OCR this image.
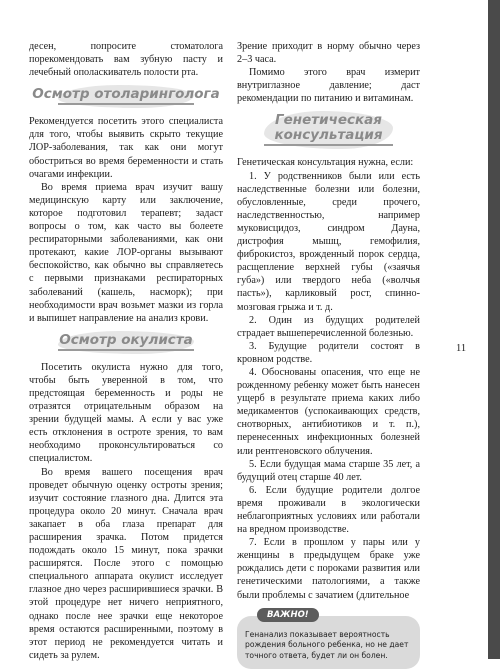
11

десен, попросите стоматолога порекомендовать вам зубную пасту и лечебный ополаскиватель полости рта.

Осмотр отоларинголога

Рекомендуется посетить этого специалиста для того, чтобы выявить скрыто текущие ЛОР-заболевания, так как они могут обостриться во время беременности и стать очагами инфекции.

Во время приема врач изучит вашу медицинскую карту или заключение, которое подготовил терапевт; задаст вопросы о том, как часто вы болеете респираторными заболеваниями, как они протекают, какие ЛОР-органы вызывают беспокойство, как обычно вы справляетесь с первыми признаками респираторных заболеваний (кашель, насморк); при необходимости врач возьмет мазки из горла и выпишет направление на анализ крови.

Осмотр окулиста

Посетить окулиста нужно для того, чтобы быть уверенной в том, что предстоящая беременность и роды не отразятся отрицательным образом на зрении будущей мамы. А если у вас уже есть отклонения в остроте зрения, то вам необходимо проконсультироваться со специалистом.

Во время вашего посещения врач проведет обычную оценку остроты зрения; изучит состояние глазного дна. Длится эта процедура около 20 минут. Сначала врач закапает в оба глаза препарат для расширения зрачка. Потом придется подождать около 15 минут, пока зрачки расширятся. После этого с помощью специального аппарата окулист исследует глазное дно через расширившиеся зрачки. В этой процедуре нет ничего неприятного, однако после нее зрачки еще некоторое время остаются расширенными, поэтому в этот период не рекомендуется читать и сидеть за рулем.

Зрение приходит в норму обычно через 2–3 часа.

Помимо этого врач измерит внутриглазное давление; даст рекомендации по питанию и витаминам.

Генетическая консультация

Генетическая консультация нужна, если:

1. У родственников были или есть наследственные болезни или болезни, обусловленные, среди прочего, наследственностью, например муковисцидоз, синдром Дауна, дистрофия мышц, гемофилия, фиброкистоз, врожденный порок сердца, расщепление верхней губы («заячья губа») или твердого неба («волчья пасть»), карликовый рост, спинно-мозговая грыжа и т. д.

2. Один из будущих родителей страдает вышеперечисленной болезнью.

3. Будущие родители состоят в кровном родстве.

4. Обоснованы опасения, что еще не рожденному ребенку может быть нанесен ущерб в результате приема каких либо медикаментов (успокаивающих средств, снотворных, антибиотиков и т. п.), перенесенных инфекционных болезней или рентгеновского облучения.

5. Если будущая мама старше 35 лет, а будущий отец старше 40 лет.

6. Если будущие родители долгое время проживали в экологически неблагоприятных условиях или работали на вредном производстве.

7. Если в прошлом у пары или у женщины в предыдущем браке уже рождались дети с пороками развития или генетическими патологиями, а также были проблемы с зачатием (длительное

ВАЖНО!
Генанализ показывает вероятность рождения больного ребенка, но не дает точного ответа, будет ли он болен.
